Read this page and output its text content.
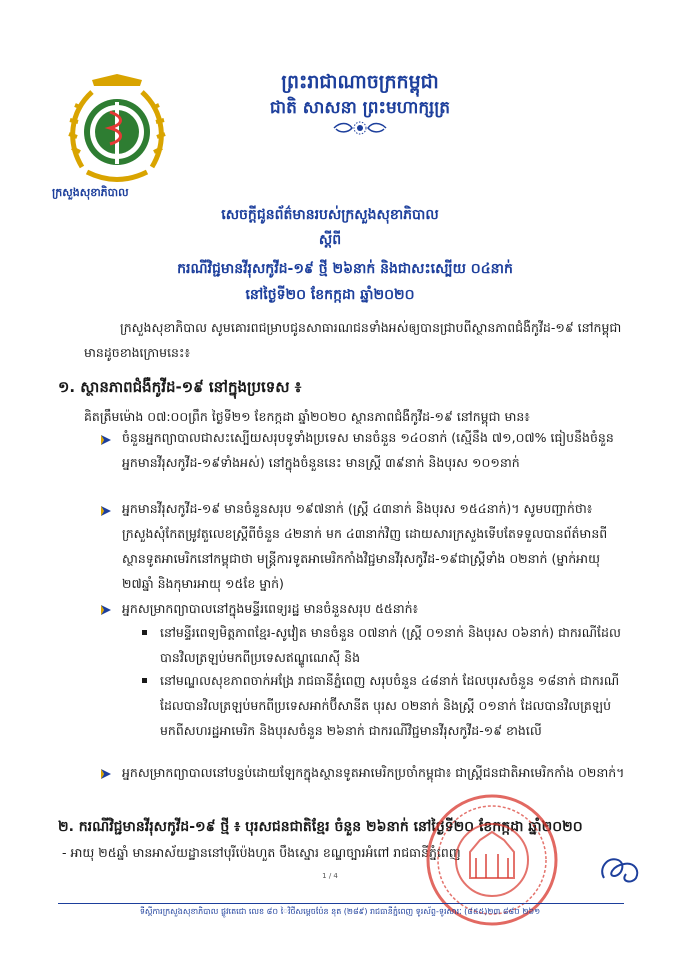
ក្រសួងសុខាភិបាល
ព្រះរាជាណាចក្រកម្ពុជា
ជាតិ សាសនា ព្រះមហាក្សត្រ
សេចក្តីជូនព័ត៌មានរបស់ក្រសួងសុខាភិបាល
ស្តីពី
ករណីវិជ្ជមានវីរុសកូវីដ-១៩ ថ្មី ២៦នាក់ និងជាសះស្បើយ ០៤នាក់
នៅថ្ងៃទី២០ ខែកក្កដា ឆ្នាំ២០២០
ក្រសួងសុខាភិបាល សូមគោរពជម្រាបជូនសាធារណជនទាំងអស់ឲ្យបានជ្រាបពីស្ថានភាពជំងឺកូវីដ-១៩ នៅកម្ពុជា មានដូចខាងក្រោមនេះ៖
១. ស្ថានភាពជំងឺកូវីដ-១៩ នៅក្នុងប្រទេស ៖
គិតត្រឹមម៉ោង ០៧:០០ព្រឹក ថ្ងៃទី២១ ខែកក្កដា ឆ្នាំ២០២០ ស្ថានភាពជំងឺកូវីដ-១៩ នៅកម្ពុជា មាន៖
ចំនួនអ្នកព្យាបាលជាសះស្បើយសរុបទូទាំងប្រទេស មានចំនួន ១៤០នាក់ (ស្មើនឹង ៧១,០៧% ធៀបនឹងចំនួនអ្នកមានវីរុសកូវីដ-១៩ទាំងអស់) នៅក្នុងចំនួននេះ មានស្ត្រី ៣៩នាក់ និងបុរស ១០១នាក់
អ្នកមានវីរុសកូវីដ-១៩ មានចំនួនសរុប ១៩៧នាក់ (ស្ត្រី ៤៣នាក់ និងបុរស ១៥៤នាក់)។ សូមបញ្ជាក់ថា៖ ក្រសួងសុំកែតម្រូវតួលេខស្ត្រីពីចំនួន ៤២នាក់ មក ៤៣នាក់វិញ ដោយសារក្រសួងទើបតែទទួលបានព័ត៌មានពីស្ថានទូតអាមេរិកនៅកម្ពុជាថា មន្ត្រីការទូតអាមេរិកកាំងវិជ្ជមានវីរុសកូវីដ-១៩ជាស្ត្រីទាំង ០២នាក់ (ម្នាក់អាយុ ២៧ឆ្នាំ និងកុមារអាយុ ១៥ខែ ម្នាក់)
អ្នកសម្រាកព្យាបាលនៅក្នុងមន្ទីរពេទ្យរដ្ឋ មានចំនួនសរុប ៥៥នាក់៖
នៅមន្ទីរពេទ្យមិត្តភាពខ្មែរ-សូវៀត មានចំនួន ០៧នាក់ (ស្ត្រី ០១នាក់ និងបុរស ០៦នាក់) ជាករណីដែលបានវិលត្រឡប់មកពីប្រទេសឥណ្ឌូណេស៊ី និង
នៅមណ្ឌលសុខភាពចាក់អង្រែ រាជធានីភ្នំពេញ សរុបចំនួន ៤៨នាក់ ដែលបុរសចំនួន ១៨នាក់ ជាករណីដែលបានវិលត្រឡប់មកពីប្រទេសអាក់ប៊ីសានីត បុរស ០២នាក់ និងស្ត្រី ០១នាក់ ដែលបានវិលត្រឡប់មកពីសហរដ្ឋអាមេរិក និងបុរសចំនួន ២៦នាក់ ជាករណីវិជ្ជមានវីរុសកូវីដ-១៩ ខាងលើ
អ្នកសម្រាកព្យាបាលនៅបន្ទប់ដោយឡែកក្នុងស្ថានទូតអាមេរិកប្រចាំកម្ពុជា៖ ជាស្ត្រីជនជាតិអាមេរិកកាំង ០២នាក់។
២. ករណីវិជ្ជមានវីរុសកូវីដ-១៩ ថ្មី ៖ បុរសជនជាតិខ្មែរ ចំនួន ២៦នាក់ នៅថ្ងៃទី២០ ខែកក្កដា ឆ្នាំ២០២០
- អាយុ ២៥ឆ្នាំ មានអាស័យដ្ឋាននៅបុរីប៉េងហួត បឹងស្នោរ ខណ្ឌច្បារអំពៅ រាជធានីភ្នំពេញ
1 / 4
ទីស្តីការក្រសួងសុខាភិបាល ផ្លូវតេជោ លេខ ៨០ ៃវិថីសម្តេចប៉ែន នុត (២៨៩) រាជធានីភ្នំពេញ ទូរស័ព្ទ-ទូរសារៈ (៨៥៥)២៣ ៨៨០ ២៦១
